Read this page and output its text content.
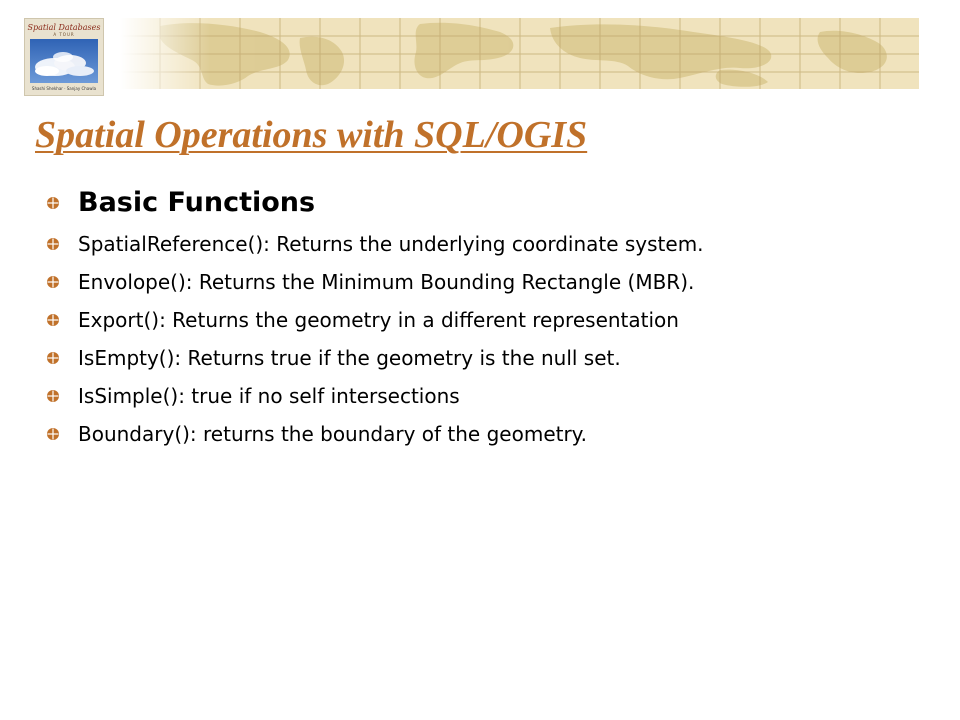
Spatial Databases
A TOUR
Shashi Shekhar · Sanjay Chawla
Spatial Operations with SQL/OGIS
Basic Functions
SpatialReference(): Returns the underlying coordinate system.
Envolope(): Returns the Minimum Bounding Rectangle (MBR).
Export(): Returns the geometry in a different representation
IsEmpty(): Returns true if the geometry is the null set.
IsSimple(): true if no self intersections
Boundary(): returns the boundary of the geometry.
